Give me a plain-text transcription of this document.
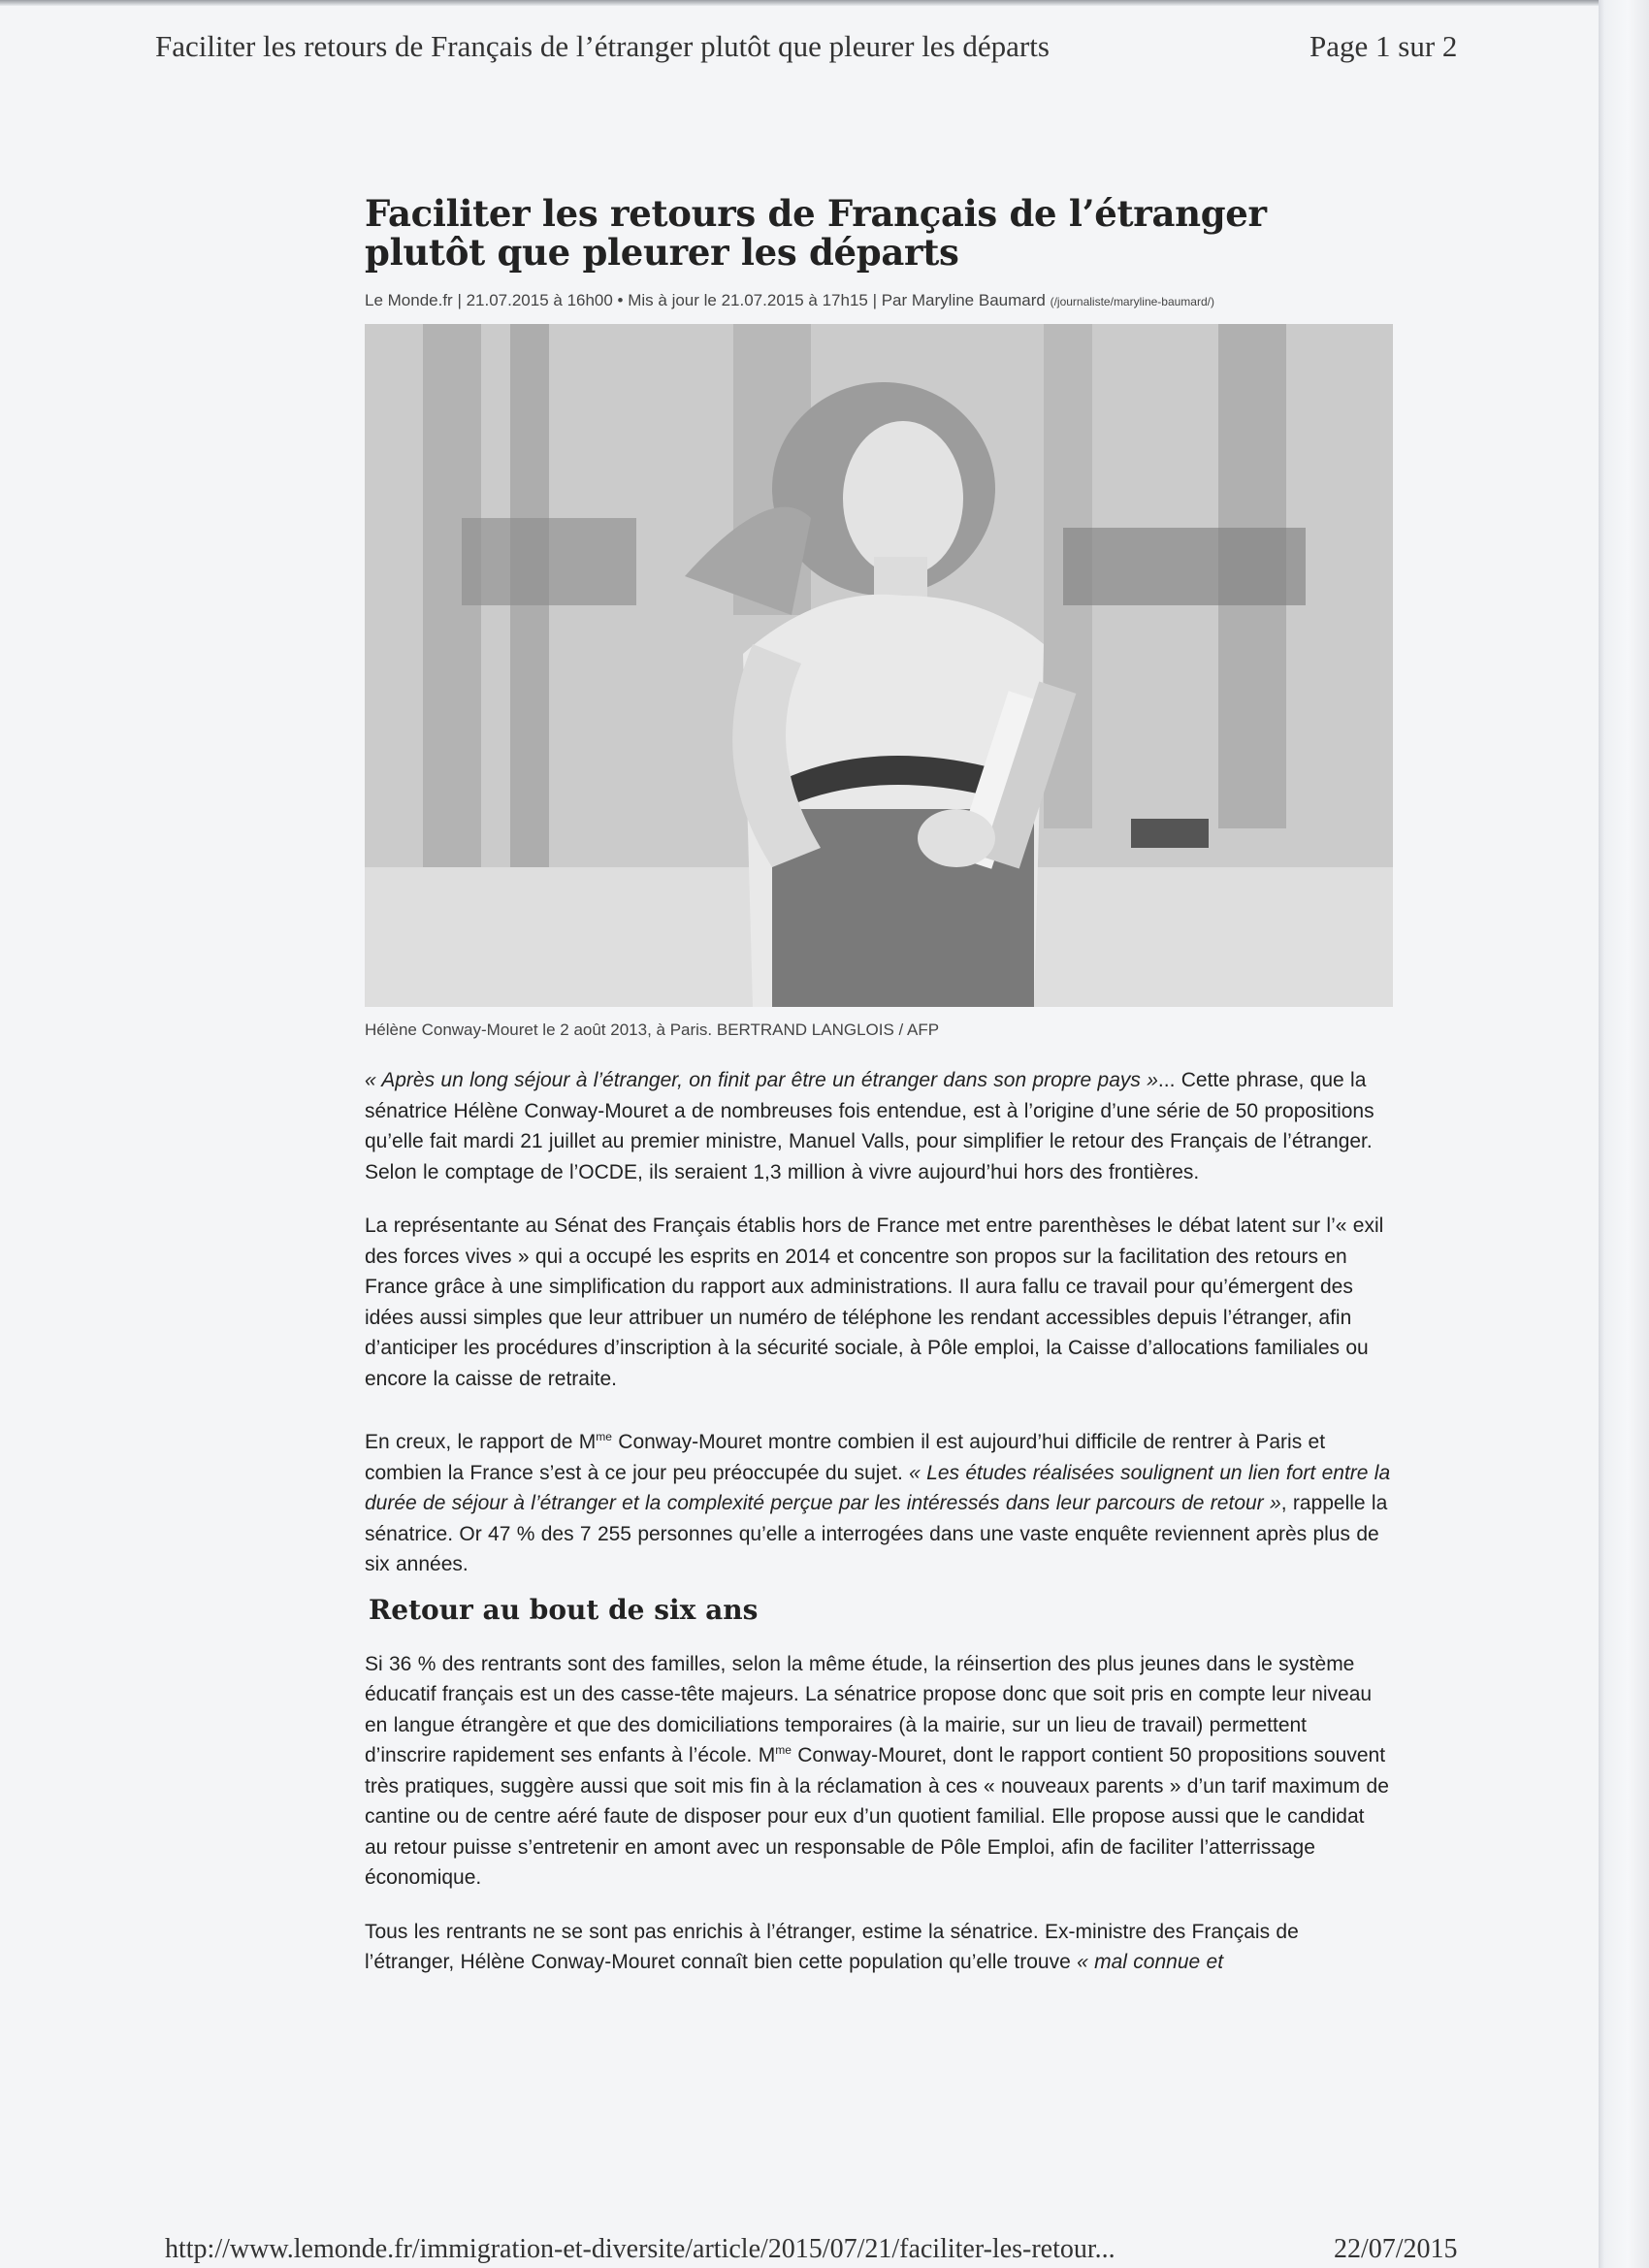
Faciliter les retours de Français de l’étranger plutôt que pleurer les départs	Page 1 sur 2
Faciliter les retours de Français de l’étranger plutôt que pleurer les départs
Le Monde.fr | 21.07.2015 à 16h00 • Mis à jour le 21.07.2015 à 17h15 | Par Maryline Baumard (/journaliste/maryline-baumard/)
Hélène Conway-Mouret le 2 août 2013, à Paris. BERTRAND LANGLOIS / AFP

« Après un long séjour à l’étranger, on finit par être un étranger dans son propre pays »... Cette phrase, que la sénatrice Hélène Conway-Mouret a de nombreuses fois entendue, est à l’origine d’une série de 50 propositions qu’elle fait mardi 21 juillet au premier ministre, Manuel Valls, pour simplifier le retour des Français de l’étranger. Selon le comptage de l’OCDE, ils seraient 1,3 million à vivre aujourd’hui hors des frontières.

La représentante au Sénat des Français établis hors de France met entre parenthèses le débat latent sur l’« exil des forces vives » qui a occupé les esprits en 2014 et concentre son propos sur la facilitation des retours en France grâce à une simplification du rapport aux administrations. Il aura fallu ce travail pour qu’émergent des idées aussi simples que leur attribuer un numéro de téléphone les rendant accessibles depuis l’étranger, afin d’anticiper les procédures d’inscription à la sécurité sociale, à Pôle emploi, la Caisse d’allocations familiales ou encore la caisse de retraite.

En creux, le rapport de $M^{me}$ Conway-Mouret montre combien il est aujourd’hui difficile de rentrer à Paris et combien la France s’est à ce jour peu préoccupée du sujet. « Les études réalisées soulignent un lien fort entre la durée de séjour à l’étranger et la complexité perçue par les intéressés dans leur parcours de retour », rappelle la sénatrice. Or 47 % des 7 255 personnes qu’elle a interrogées dans une vaste enquête reviennent après plus de six années.

Retour au bout de six ans

Si 36 % des rentrants sont des familles, selon la même étude, la réinsertion des plus jeunes dans le système éducatif français est un des casse-tête majeurs. La sénatrice propose donc que soit pris en compte leur niveau en langue étrangère et que des domiciliations temporaires (à la mairie, sur un lieu de travail) permettent d’inscrire rapidement ses enfants à l’école. $M^{me}$ Conway-Mouret, dont le rapport contient 50 propositions souvent très pratiques, suggère aussi que soit mis fin à la réclamation à ces « nouveaux parents » d’un tarif maximum de cantine ou de centre aéré faute de disposer pour eux d’un quotient familial. Elle propose aussi que le candidat au retour puisse s’entretenir en amont avec un responsable de Pôle Emploi, afin de faciliter l’atterrissage économique.

Tous les rentrants ne se sont pas enrichis à l’étranger, estime la sénatrice. Ex-ministre des Français de l’étranger, Hélène Conway-Mouret connaît bien cette population qu’elle trouve « mal connue et

http://www.lemonde.fr/immigration-et-diversite/article/2015/07/21/faciliter-les-retour...	22/07/2015
